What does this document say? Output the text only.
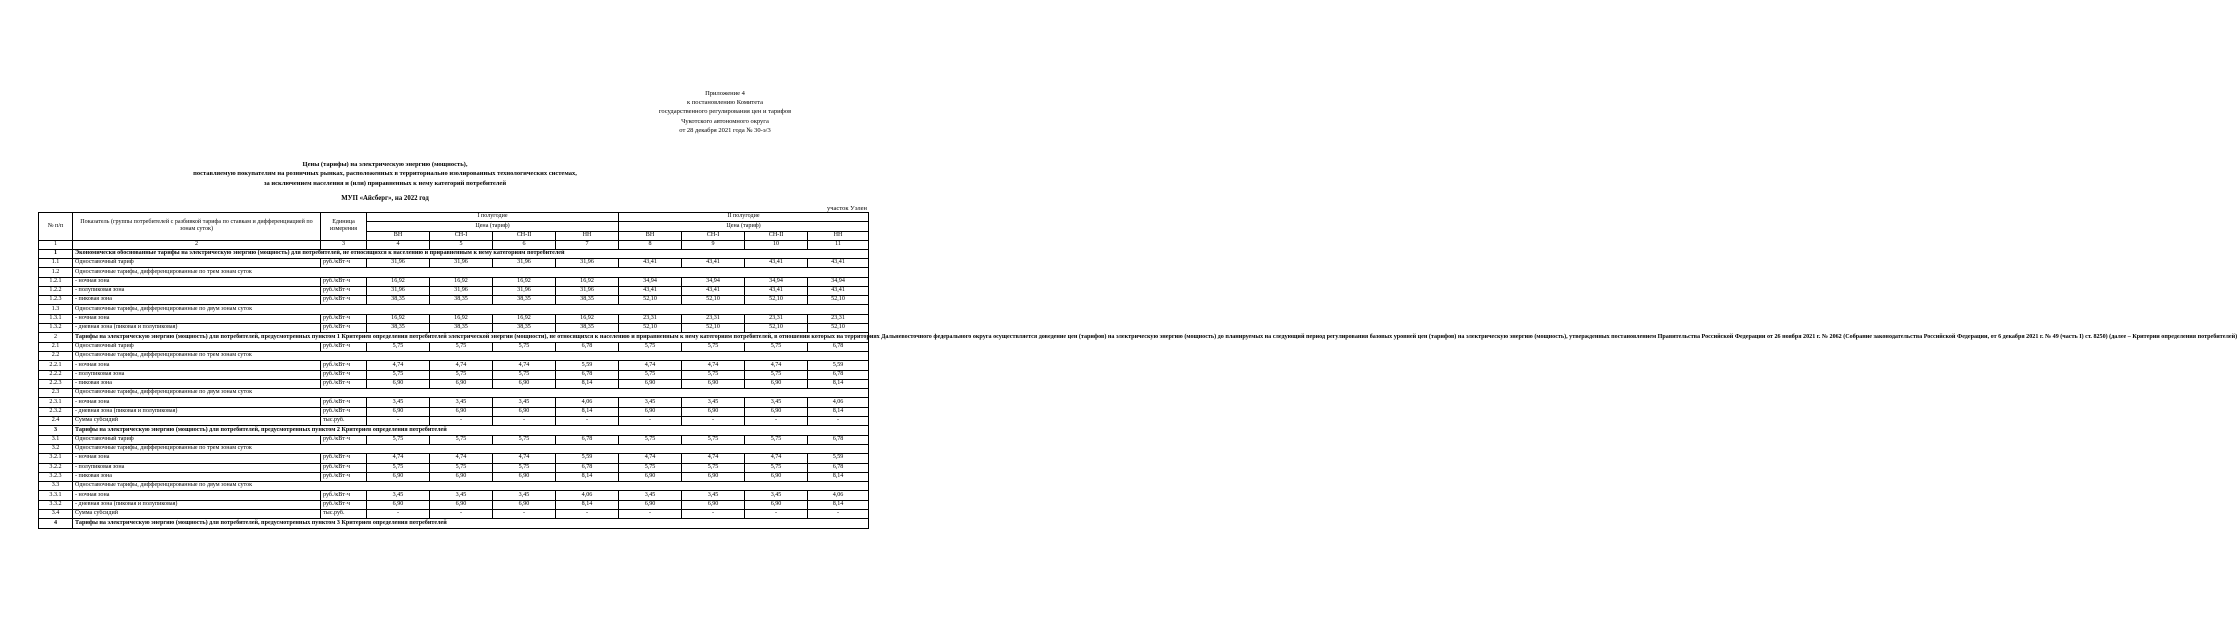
Приложение 4
к постановлению Комитета
государственного регулирования цен и тарифов
Чукотского автономного округа
от 28 декабря 2021 года № 30-э/3
Цены (тарифы) на электрическую энергию (мощность),
поставляемую покупателям на розничных рынках, расположенных в территориально изолированных технологических системах,
за исключением населения и (или) приравненных к нему категорий потребителей
МУП «Айсберг», на 2022 год
участок Уэлен
№ п/п	Показатель (группы потребителей с разбивкой тарифа по ставкам и дифференциацией по зонам суток)	Единица измерения	I полугодие				II полугодие			
			Цена (тариф)				Цена (тариф)			
			ВН	СН-I	СН-II	НН	ВН	СН-I	СН-II	НН
1	2	3	4	5	6	7	8	9	10	11
1	Экономически обоснованные тарифы на электрическую энергию (мощность) для потребителей, не относящихся к населению и приравненным к нему категориям потребителей									
1.1	Одноставочный тариф	руб./кВт·ч	31,96	31,96	31,96	31,96	43,41	43,41	43,41	43,41
1.2	Одноставочные тарифы, дифференцированные по трем зонам суток									
1.2.1	- ночная зона	руб./кВт·ч	16,92	16,92	16,92	16,92	34,94	34,94	34,94	34,94
1.2.2	- полупиковая зона	руб./кВт·ч	31,96	31,96	31,96	31,96	43,41	43,41	43,41	43,41
1.2.3	- пиковая зона	руб./кВт·ч	38,35	38,35	38,35	38,35	52,10	52,10	52,10	52,10
1.3	Одноставочные тарифы, дифференцированные по двум зонам суток									
1.3.1	- ночная зона	руб./кВт·ч	16,92	16,92	16,92	16,92	23,31	23,31	23,31	23,31
1.3.2	- дневная зона (пиковая и полупиковая)	руб./кВт·ч	38,35	38,35	38,35	38,35	52,10	52,10	52,10	52,10
2	Тарифы на электрическую энергию (мощность) для потребителей, предусмотренных пунктом 1 Критериев определения потребителей электрической энергии (мощности), не относящихся к населению и приравненным к нему категориям потребителей, в отношении которых на территориях Дальневосточного федерального округа осуществляется доведение цен (тарифов) на электрическую энергию (мощность) до планируемых на следующий период регулирования базовых уровней цен (тарифов) на электрическую энергию (мощность), утвержденных постановлением Правительства Российской Федерации от 26 ноября 2021 г. № 2062 (Собрание законодательства Российской Федерации, от 6 декабря 2021 г. № 49 (часть I) ст. 8250) (далее – Критерии определения потребителей)									
2.1	Одноставочный тариф	руб./кВт·ч	5,75	5,75	5,75	6,78	5,75	5,75	5,75	6,78
2.2	Одноставочные тарифы, дифференцированные по трем зонам суток									
2.2.1	- ночная зона	руб./кВт·ч	4,74	4,74	4,74	5,59	4,74	4,74	4,74	5,59
2.2.2	- полупиковая зона	руб./кВт·ч	5,75	5,75	5,75	6,78	5,75	5,75	5,75	6,78
2.2.3	- пиковая зона	руб./кВт·ч	6,90	6,90	6,90	8,14	6,90	6,90	6,90	8,14
2.3	Одноставочные тарифы, дифференцированные по двум зонам суток									
2.3.1	- ночная зона	руб./кВт·ч	3,45	3,45	3,45	4,06	3,45	3,45	3,45	4,06
2.3.2	- дневная зона (пиковая и полупиковая)	руб./кВт·ч	6,90	6,90	6,90	8,14	6,90	6,90	6,90	8,14
2.4	Сумма субсидий	тыс.руб.	-	-	-	-	-	-	-	-
3	Тарифы на электрическую энергию (мощность) для потребителей, предусмотренных пунктом 2 Критериев определения потребителей									
3.1	Одноставочный тариф	руб./кВт·ч	5,75	5,75	5,75	6,78	5,75	5,75	5,75	6,78
3.2	Одноставочные тарифы, дифференцированные по трем зонам суток									
3.2.1	- ночная зона	руб./кВт·ч	4,74	4,74	4,74	5,59	4,74	4,74	4,74	5,59
3.2.2	- полупиковая зона	руб./кВт·ч	5,75	5,75	5,75	6,78	5,75	5,75	5,75	6,78
3.2.3	- пиковая зона	руб./кВт·ч	6,90	6,90	6,90	8,14	6,90	6,90	6,90	8,14
3.3	Одноставочные тарифы, дифференцированные по двум зонам суток									
3.3.1	- ночная зона	руб./кВт·ч	3,45	3,45	3,45	4,06	3,45	3,45	3,45	4,06
3.3.2	- дневная зона (пиковая и полупиковая)	руб./кВт·ч	6,90	6,90	6,90	8,14	6,90	6,90	6,90	8,14
3.4	Сумма субсидий	тыс.руб.	-	-	-	-	-	-	-	-
4	Тарифы на электрическую энергию (мощность) для потребителей, предусмотренных пунктом 3 Критериев определения потребителей									
